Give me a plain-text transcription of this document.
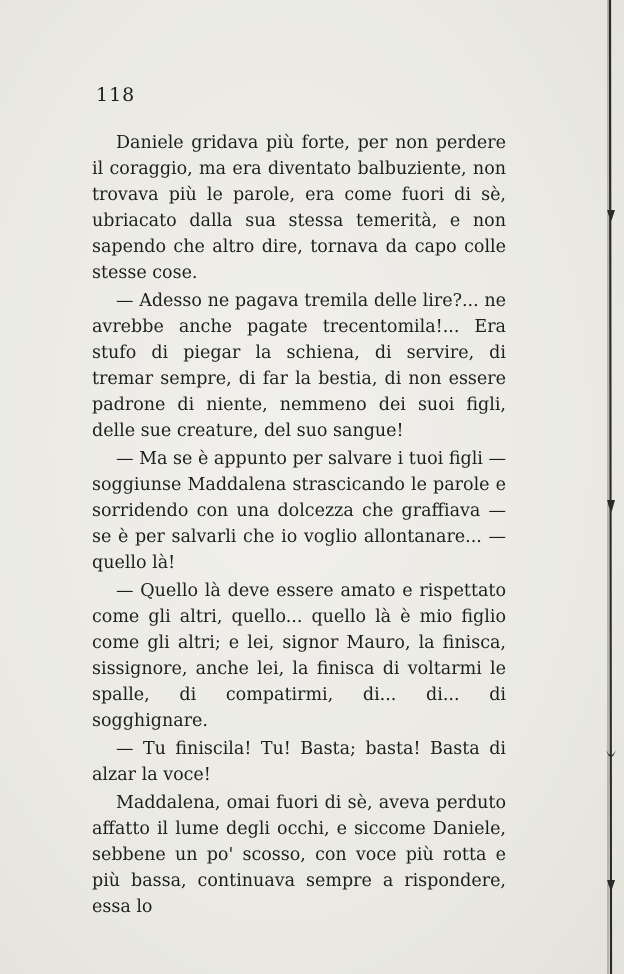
118

Daniele gridava più forte, per non perdere il coraggio, ma era diventato balbuziente, non trovava più le parole, era come fuori di sè, ubriacato dalla sua stessa temerità, e non sapendo che altro dire, tornava da capo colle stesse cose.

— Adesso ne pagava tremila delle lire?... ne avrebbe anche pagate trecentomila!... Era stufo di piegar la schiena, di servire, di tremar sempre, di far la bestia, di non essere padrone di niente, nemmeno dei suoi figli, delle sue creature, del suo sangue!

— Ma se è appunto per salvare i tuoi figli — soggiunse Maddalena strascicando le parole e sorridendo con una dolcezza che graffiava — se è per salvarli che io voglio allontanare... — quello là!

— Quello là deve essere amato e rispettato come gli altri, quello... quello là è mio figlio come gli altri; e lei, signor Mauro, la finisca, sissignore, anche lei, la finisca di voltarmi le spalle, di compatirmi, di... di... di sogghignare.

— Tu finiscila! Tu! Basta; basta! Basta di alzar la voce!

Maddalena, omai fuori di sè, aveva perduto affatto il lume degli occhi, e siccome Daniele, sebbene un po' scosso, con voce più rotta e più bassa, continuava sempre a rispondere, essa lo
